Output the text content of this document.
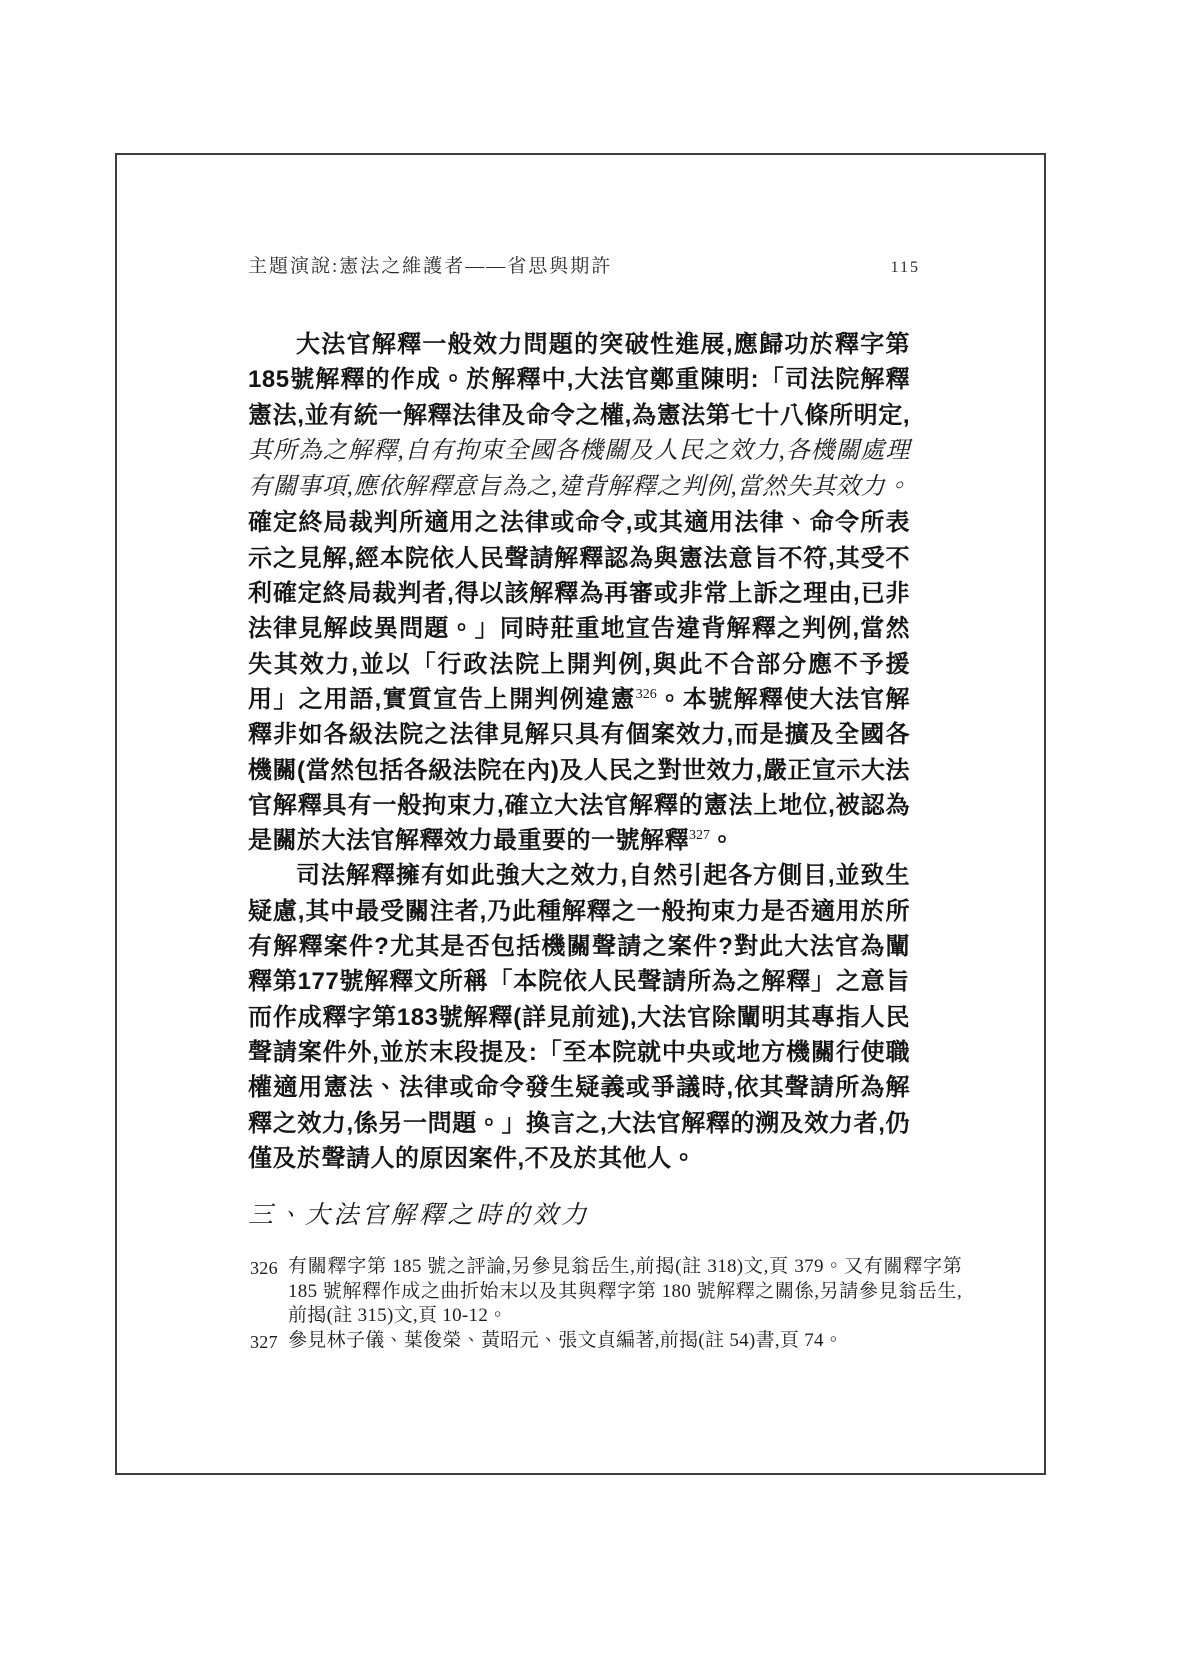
主題演說:憲法之維護者——省思與期許	115

大法官解釋一般效力問題的突破性進展,應歸功於釋字第185號解釋的作成。於解釋中,大法官鄭重陳明:「司法院解釋憲法,並有統一解釋法律及命令之權,為憲法第七十八條所明定,其所為之解釋,自有拘束全國各機關及人民之效力,各機關處理有關事項,應依解釋意旨為之,違背解釋之判例,當然失其效力。確定終局裁判所適用之法律或命令,或其適用法律、命令所表示之見解,經本院依人民聲請解釋認為與憲法意旨不符,其受不利確定終局裁判者,得以該解釋為再審或非常上訴之理由,已非法律見解歧異問題。」同時莊重地宣告違背解釋之判例,當然失其效力,並以「行政法院上開判例,與此不合部分應不予援用」之用語,實質宣告上開判例違憲$^{326}$。本號解釋使大法官解釋非如各級法院之法律見解只具有個案效力,而是擴及全國各機關(當然包括各級法院在內)及人民之對世效力,嚴正宣示大法官解釋具有一般拘束力,確立大法官解釋的憲法上地位,被認為是關於大法官解釋效力最重要的一號解釋$^{327}$。

司法解釋擁有如此強大之效力,自然引起各方側目,並致生疑慮,其中最受關注者,乃此種解釋之一般拘束力是否適用於所有解釋案件?尤其是否包括機關聲請之案件?對此大法官為闡釋第177號解釋文所稱「本院依人民聲請所為之解釋」之意旨而作成釋字第183號解釋(詳見前述),大法官除闡明其專指人民聲請案件外,並於末段提及:「至本院就中央或地方機關行使職權適用憲法、法律或命令發生疑義或爭議時,依其聲請所為解釋之效力,係另一問題。」換言之,大法官解釋的溯及效力者,仍僅及於聲請人的原因案件,不及於其他人。

三、大法官解釋之時的效力
326 有關釋字第 185 號之評論,另參見翁岳生,前揭(註 318)文,頁 379。又有關釋字第 185 號解釋作成之曲折始末以及其與釋字第 180 號解釋之關係,另請參見翁岳生,前揭(註 315)文,頁 10-12。
327 參見林子儀、葉俊榮、黃昭元、張文貞編著,前揭(註 54)書,頁 74。
